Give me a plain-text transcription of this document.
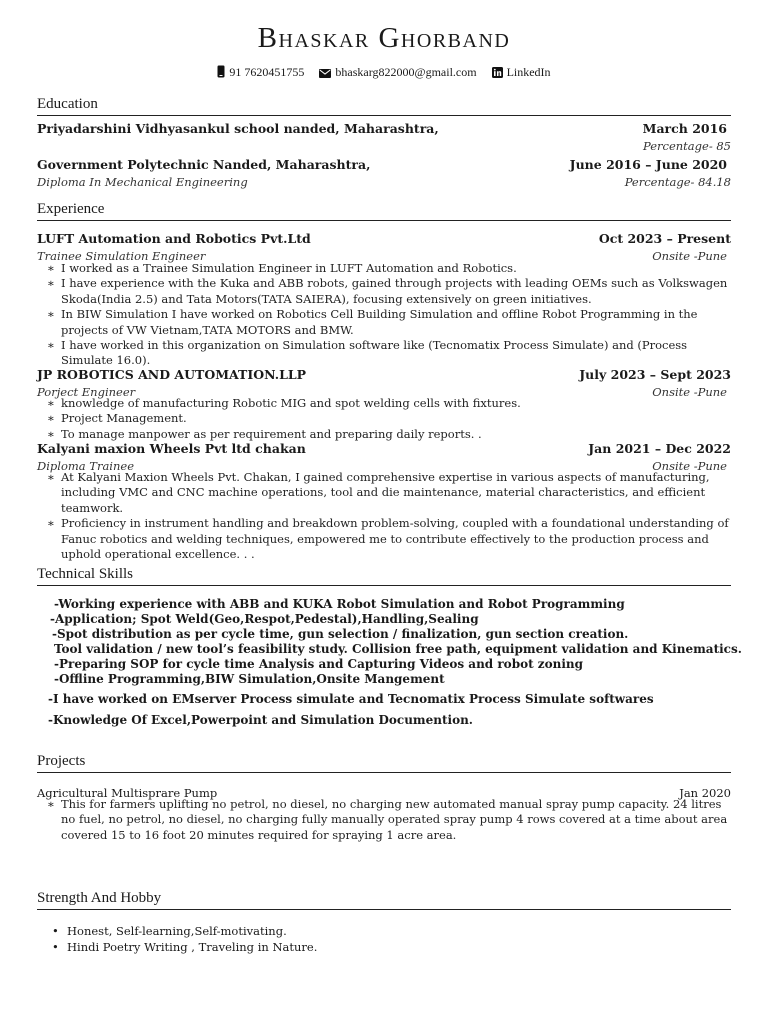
Bhaskar Ghorband
91 7620451755	bhaskarg822000@gmail.com	LinkedIn
Education
Priyadarshini Vidhyasankul school nanded, Maharashtra,	March 2016
Percentage- 85
Government Polytechnic Nanded, Maharashtra,	June 2016 – June 2020
Diploma In Mechanical Engineering	Percentage- 84.18
Experience
LUFT Automation and Robotics Pvt.Ltd	Oct 2023 – Present
Trainee Simulation Engineer	Onsite -Pune
∗ I worked as a Trainee Simulation Engineer in LUFT Automation and Robotics.
∗ I have experience with the Kuka and ABB robots, gained through projects with leading OEMs such as Volkswagen Skoda(India 2.5) and Tata Motors(TATA SAIERA), focusing extensively on green initiatives.
∗ In BIW Simulation I have worked on Robotics Cell Building Simulation and offline Robot Programming in the projects of VW Vietnam,TATA MOTORS and BMW.
∗ I have worked in this organization on Simulation software like (Tecnomatix Process Simulate) and (Process Simulate 16.0).
JP ROBOTICS AND AUTOMATION.LLP	July 2023 – Sept 2023
Porject Engineer	Onsite -Pune
∗ knowledge of manufacturing Robotic MIG and spot welding cells with fixtures.
∗ Project Management.
∗ To manage manpower as per requirement and preparing daily reports. .
Kalyani maxion Wheels Pvt ltd chakan	Jan 2021 – Dec 2022
Diploma Trainee	Onsite -Pune
∗ At Kalyani Maxion Wheels Pvt. Chakan, I gained comprehensive expertise in various aspects of manufacturing, including VMC and CNC machine operations, tool and die maintenance, material characteristics, and efficient teamwork.
∗ Proficiency in instrument handling and breakdown problem-solving, coupled with a foundational understanding of Fanuc robotics and welding techniques, empowered me to contribute effectively to the production process and uphold operational excellence. . .
Technical Skills
-Working experience with ABB and KUKA Robot Simulation and Robot Programming
-Application; Spot Weld(Geo,Respot,Pedestal),Handling,Sealing
-Spot distribution as per cycle time, gun selection / finalization, gun section creation.
Tool validation / new tool’s feasibility study. Collision free path, equipment validation and Kinematics.
-Preparing SOP for cycle time Analysis and Capturing Videos and robot zoning
-Offline Programming,BIW Simulation,Onsite Mangement
-I have worked on EMserver Process simulate and Tecnomatix Process Simulate softwares
-Knowledge Of Excel,Powerpoint and Simulation Documention.
Projects
Agricultural Multisprare Pump	Jan 2020
∗ This for farmers uplifting no petrol, no diesel, no charging new automated manual spray pump capacity. 24 litres no fuel, no petrol, no diesel, no charging fully manually operated spray pump 4 rows covered at a time about area covered 15 to 16 foot 20 minutes required for spraying 1 acre area.
Strength And Hobby
• Honest, Self-learning,Self-motivating.
• Hindi Poetry Writing , Traveling in Nature.
